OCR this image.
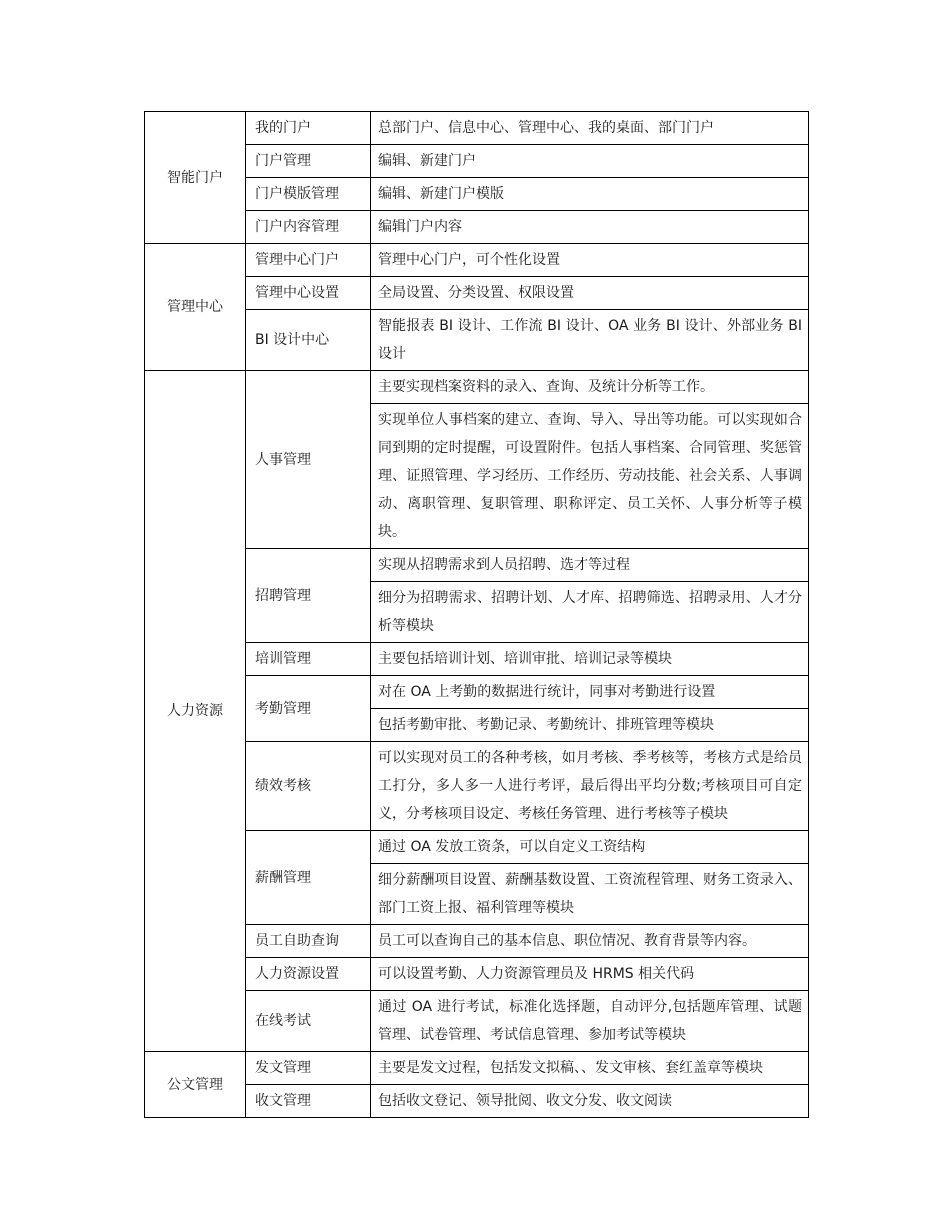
智能门户	我的门户	总部门户、信息中心、管理中心、我的桌面、部门门户
	门户管理	编辑、新建门户
	门户模版管理	编辑、新建门户模版
	门户内容管理	编辑门户内容
管理中心	管理中心门户	管理中心门户，可个性化设置
	管理中心设置	全局设置、分类设置、权限设置
	BI 设计中心	智能报表 BI 设计、工作流 BI 设计、OA 业务 BI 设计、外部业务 BI 设计
人力资源	人事管理	主要实现档案资料的录入、查询、及统计分析等工作。
		实现单位人事档案的建立、查询、导入、导出等功能。可以实现如合同到期的定时提醒，可设置附件。包括人事档案、合同管理、奖惩管理、证照管理、学习经历、工作经历、劳动技能、社会关系、人事调动、离职管理、复职管理、职称评定、员工关怀、人事分析等子模块。
	招聘管理	实现从招聘需求到人员招聘、选才等过程
		细分为招聘需求、招聘计划、人才库、招聘筛选、招聘录用、人才分析等模块
	培训管理	主要包括培训计划、培训审批、培训记录等模块
	考勤管理	对在 OA 上考勤的数据进行统计，同事对考勤进行设置
		包括考勤审批、考勤记录、考勤统计、排班管理等模块
	绩效考核	可以实现对员工的各种考核，如月考核、季考核等，考核方式是给员工打分，多人多一人进行考评，最后得出平均分数;考核项目可自定义，分考核项目设定、考核任务管理、进行考核等子模块
	薪酬管理	通过 OA 发放工资条，可以自定义工资结构
		细分薪酬项目设置、薪酬基数设置、工资流程管理、财务工资录入、部门工资上报、福利管理等模块
	员工自助查询	员工可以查询自己的基本信息、职位情况、教育背景等内容。
	人力资源设置	可以设置考勤、人力资源管理员及 HRMS 相关代码
	在线考试	通过 OA 进行考试，标准化选择题，自动评分,包括题库管理、试题管理、试卷管理、考试信息管理、参加考试等模块
公文管理	发文管理	主要是发文过程，包括发文拟稿、、发文审核、套红盖章等模块
	收文管理	包括收文登记、领导批阅、收文分发、收文阅读
